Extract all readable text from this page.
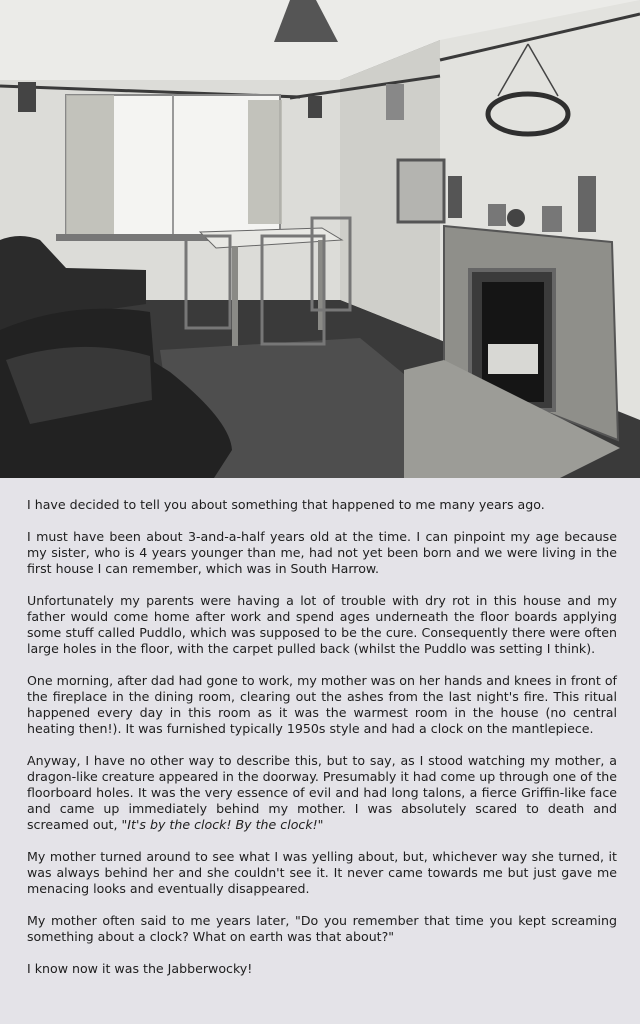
I have decided to tell you about something that happened to me many years ago.

I must have been about 3-and-a-half years old at the time. I can pinpoint my age because my sister, who is 4 years younger than me, had not yet been born and we were living in the first house I can remember, which was in South Harrow.

Unfortunately my parents were having a lot of trouble with dry rot in this house and my father would come home after work and spend ages underneath the floor boards applying some stuff called Puddlo, which was supposed to be the cure. Consequently there were often large holes in the floor, with the carpet pulled back (whilst the Puddlo was setting I think).

One morning, after dad had gone to work, my mother was on her hands and knees in front of the fireplace in the dining room, clearing out the ashes from the last night's fire. This ritual happened every day in this room as it was the warmest room in the house (no central heating then!). It was furnished typically 1950s style and had a clock on the mantlepiece.

Anyway, I have no other way to describe this, but to say, as I stood watching my mother, a dragon-like creature appeared in the doorway. Presumably it had come up through one of the floorboard holes. It was the very essence of evil and had long talons, a fierce Griffin-like face and came up immediately behind my mother. I was absolutely scared to death and screamed out, "It's by the clock! By the clock!"

My mother turned around to see what I was yelling about, but, whichever way she turned, it was always behind her and she couldn't see it. It never came towards me but just gave me menacing looks and eventually disappeared.

My mother often said to me years later, "Do you remember that time you kept screaming something about a clock? What on earth was that about?"

I know now it was the Jabberwocky!
